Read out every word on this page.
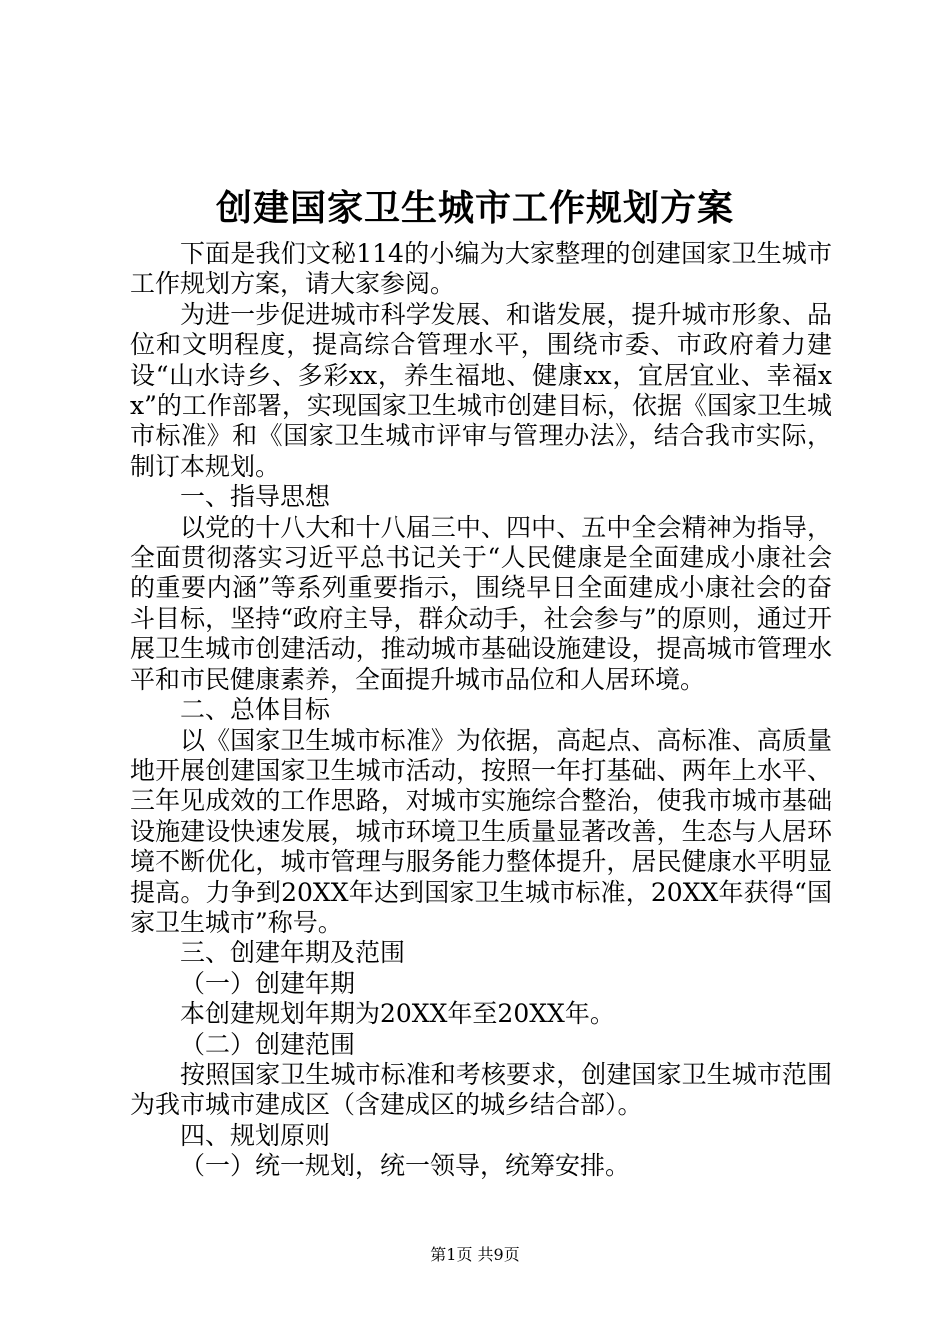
创建国家卫生城市工作规划方案

下面是我们文秘114的小编为大家整理的创建国家卫生城市工作规划方案，请大家参阅。

为进一步促进城市科学发展、和谐发展，提升城市形象、品位和文明程度，提高综合管理水平，围绕市委、市政府着力建设“山水诗乡、多彩xx，养生福地、健康xx，宜居宜业、幸福xx”的工作部署，实现国家卫生城市创建目标，依据《国家卫生城市标准》和《国家卫生城市评审与管理办法》，结合我市实际，制订本规划。

一、指导思想

以党的十八大和十八届三中、四中、五中全会精神为指导，全面贯彻落实习近平总书记关于“人民健康是全面建成小康社会的重要内涵”等系列重要指示，围绕早日全面建成小康社会的奋斗目标，坚持“政府主导，群众动手，社会参与”的原则，通过开展卫生城市创建活动，推动城市基础设施建设，提高城市管理水平和市民健康素养，全面提升城市品位和人居环境。

二、总体目标

以《国家卫生城市标准》为依据，高起点、高标准、高质量地开展创建国家卫生城市活动，按照一年打基础、两年上水平、三年见成效的工作思路，对城市实施综合整治，使我市城市基础设施建设快速发展，城市环境卫生质量显著改善，生态与人居环境不断优化，城市管理与服务能力整体提升，居民健康水平明显提高。力争到20XX年达到国家卫生城市标准，20XX年获得“国家卫生城市”称号。

三、创建年期及范围

（一）创建年期

本创建规划年期为20XX年至20XX年。

（二）创建范围

按照国家卫生城市标准和考核要求，创建国家卫生城市范围为我市城市建成区（含建成区的城乡结合部）。

四、规划原则

（一）统一规划，统一领导，统筹安排。

第1页 共9页
